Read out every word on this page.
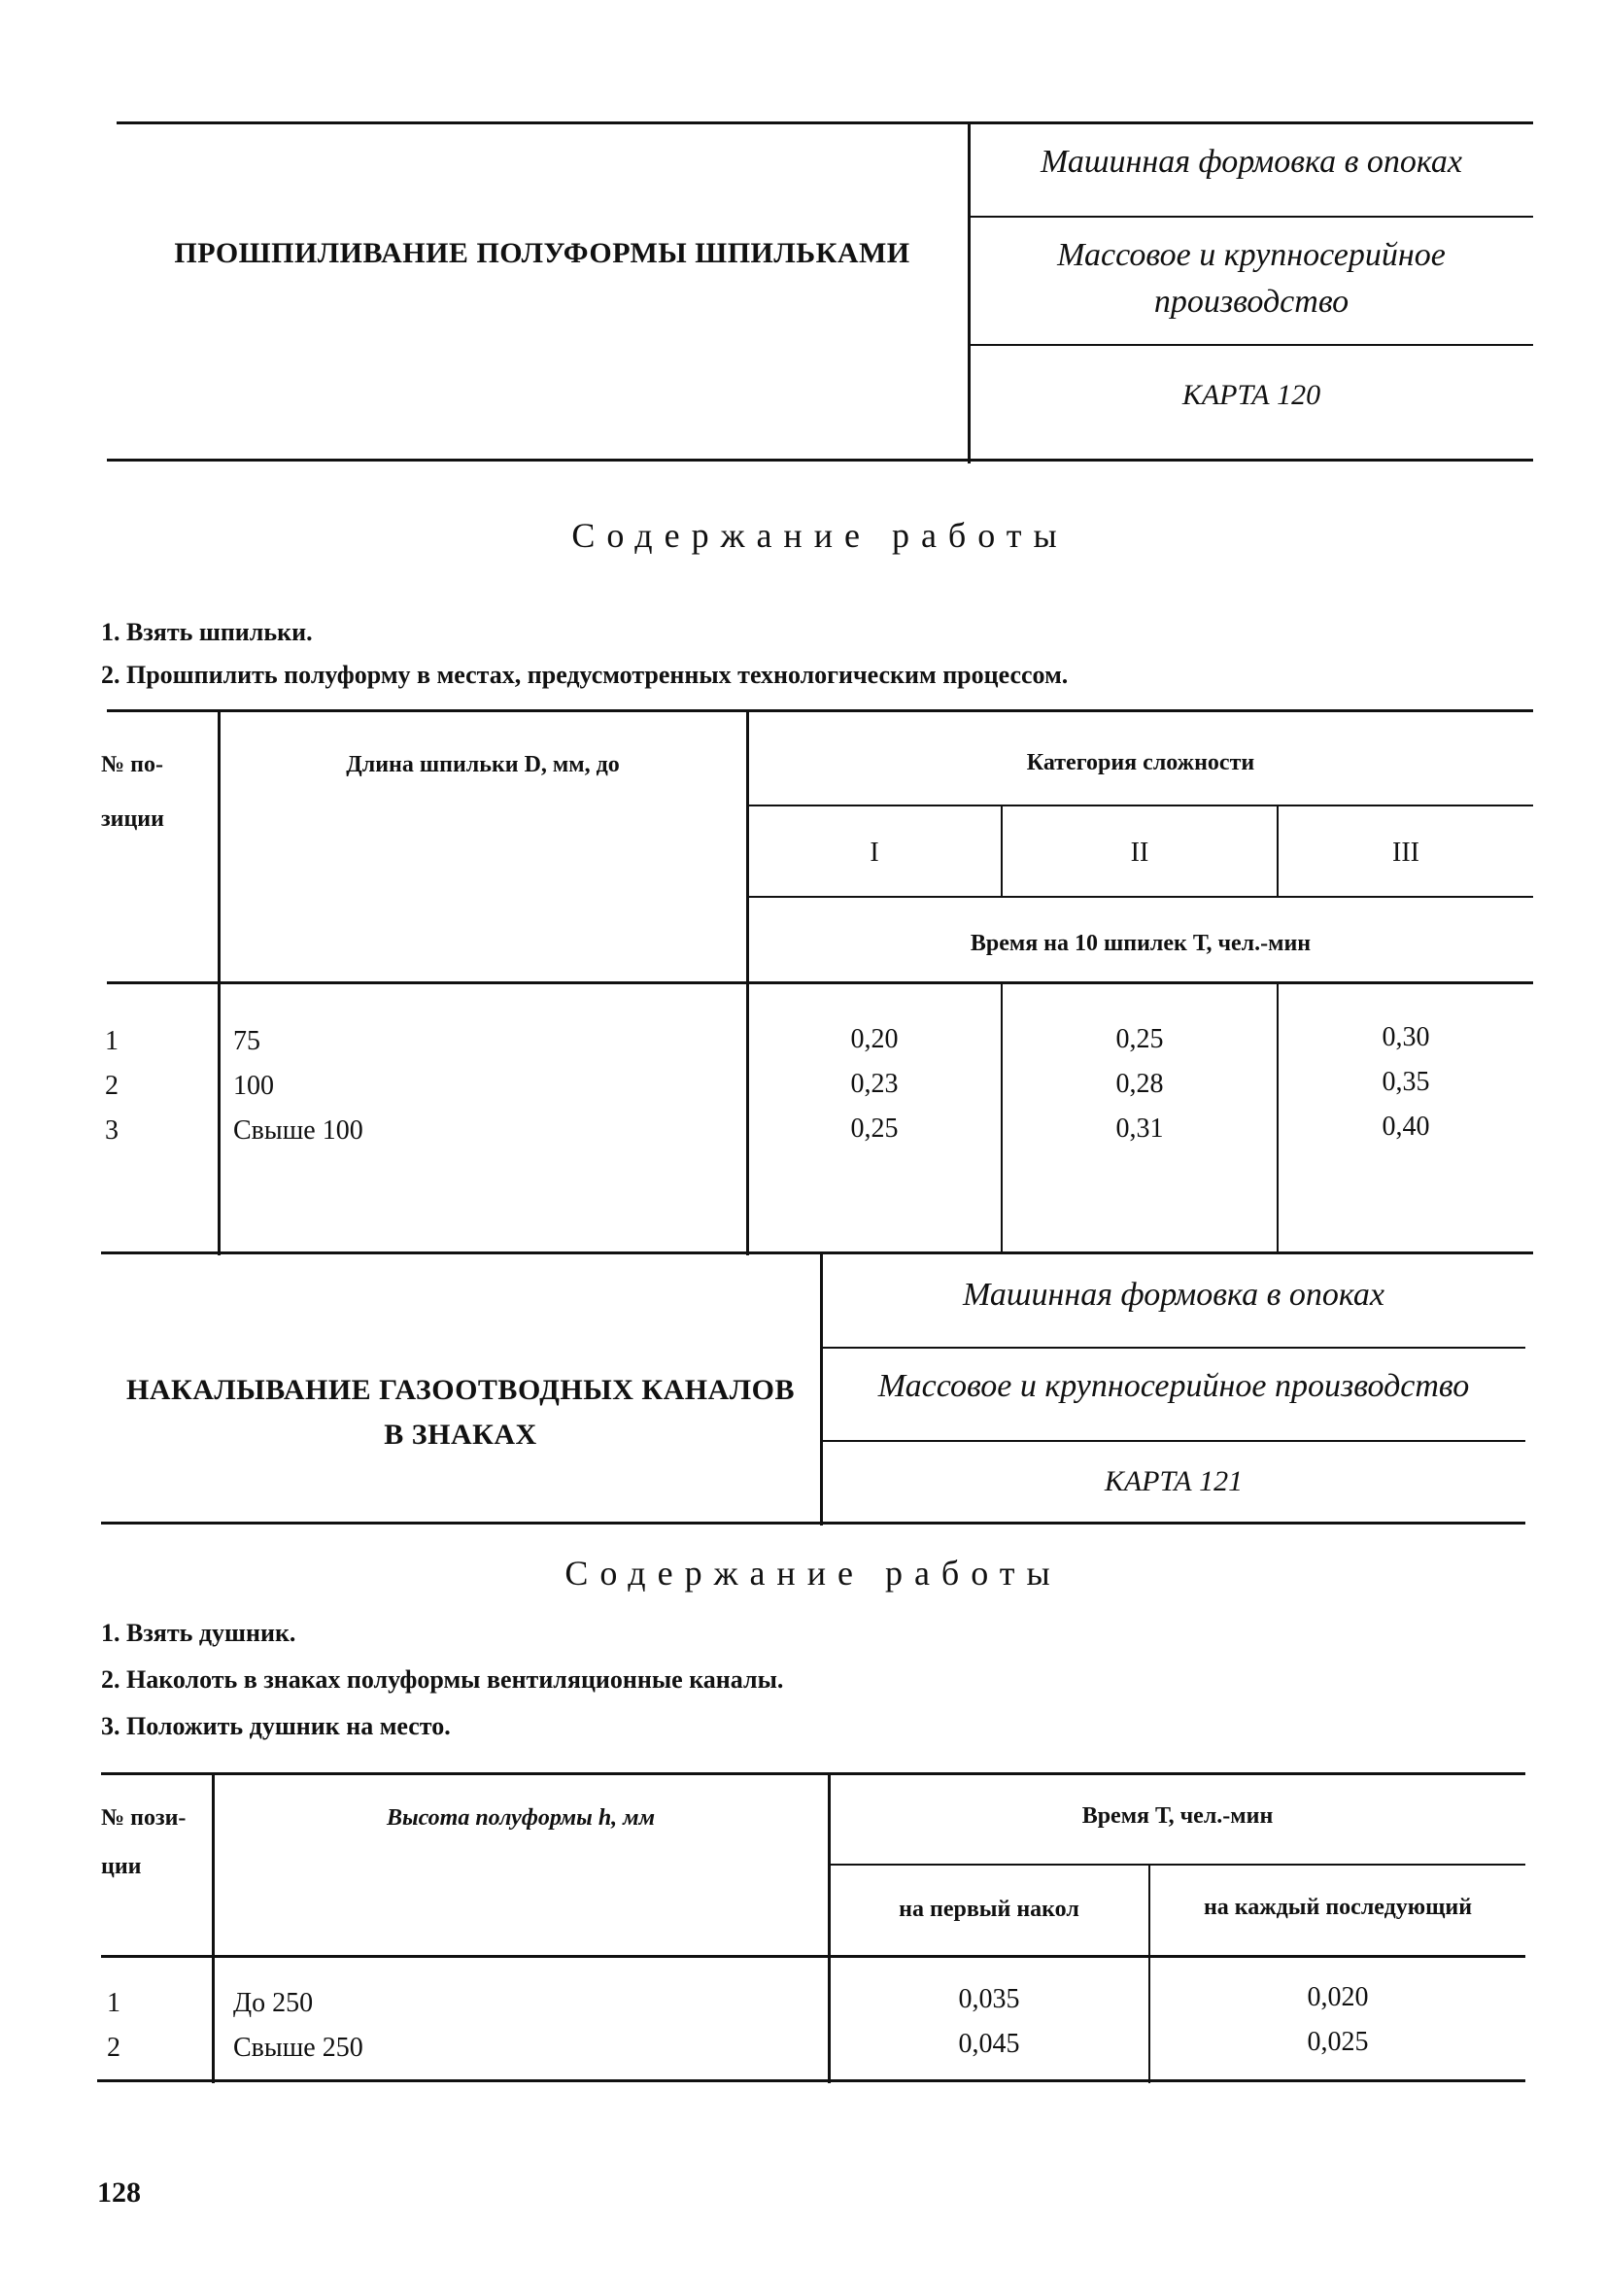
ПРОШПИЛИВАНИЕ ПОЛУФОРМЫ ШПИЛЬКАМИ
Машинная формовка в опоках
Массовое и крупносерийное
производство
КАРТА 120
Содержание работы
1. Взять шпильки.
2. Прошпилить полуформу в местах, предусмотренных технологическим процессом.
№ по-
зиции
Длина шпильки D, мм, до	Категория сложности
I	II	III
Время на 10 шпилек Т, чел.-мин
1	75	0,20	0,25	0,30
2	100	0,23	0,28	0,35
3	Свыше 100	0,25	0,31	0,40
НАКАЛЫВАНИЕ ГАЗООТВОДНЫХ КАНАЛОВ
В ЗНАКАХ
Машинная формовка в опоках
Массовое и крупносерийное производство
КАРТА 121
Содержание работы
1. Взять душник.
2. Наколоть в знаках полуформы вентиляционные каналы.
3. Положить душник на место.
№ пози-
ции
Высота полуформы h, мм	Время Т, чел.-мин
на первый накол	на каждый последующий
1	До 250	0,035	0,020
2	Свыше 250	0,045	0,025
128
